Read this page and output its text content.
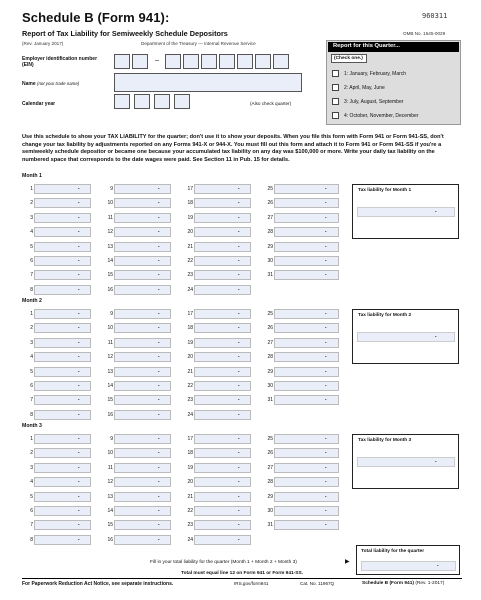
Schedule B (Form 941):	960311
Report of Tax Liability for Semiweekly Schedule Depositors	OMB No. 1545-0029
(Rev. January 2017)	Department of the Treasury — Internal Revenue Service
Employer identification number
(EIN)
–
Name (not your trade name)
Calendar year	(Also check quarter)
Report for this Quarter...
(Check one.)
1: January, February, March
2: April, May, June
3: July, August, September
4: October, November, December
Use this schedule to show your TAX LIABILITY for the quarter; don't use it to show your deposits. When you file this form with Form 941 or Form 941-SS, don't change your tax liability by adjustments reported on any Forms 941-X or 944-X. You must fill out this form and attach it to Form 941 or Form 941-SS if you're a semiweekly schedule depositor or became one because your accumulated tax liability on any day was $100,000 or more. Write your daily tax liability on the numbered space that corresponds to the date wages were paid. See Section 11 in Pub. 15 for details.
Month 1
1	.
2	.
3	.
4	.
5	.
6	.
7	.
8	.
9	.
10	.
11	.
12	.
13	.
14	.
15	.
16	.
17	.
18	.
19	.
20	.
21	.
22	.
23	.
24	.
25	.
26	.
27	.
28	.
29	.
30	.
31	.
Tax liability for Month 1
.
Month 2
1	.
2	.
3	.
4	.
5	.
6	.
7	.
8	.
9	.
10	.
11	.
12	.
13	.
14	.
15	.
16	.
17	.
18	.
19	.
20	.
21	.
22	.
23	.
24	.
25	.
26	.
27	.
28	.
29	.
30	.
31	.
Tax liability for Month 2
.
Month 3
1	.
2	.
3	.
4	.
5	.
6	.
7	.
8	.
9	.
10	.
11	.
12	.
13	.
14	.
15	.
16	.
17	.
18	.
19	.
20	.
21	.
22	.
23	.
24	.
25	.
26	.
27	.
28	.
29	.
30	.
31	.
Tax liability for Month 3
.
Fill in your total liability for the quarter (Month 1 + Month 2 + Month 3)	▶
Total must equal line 12 on Form 941 or Form 941-SS.
Total liability for the quarter
.
For Paperwork Reduction Act Notice, see separate instructions.	IRS.gov/form941	Cat. No. 11967Q	Schedule B (Form 941) (Rev. 1-2017)
